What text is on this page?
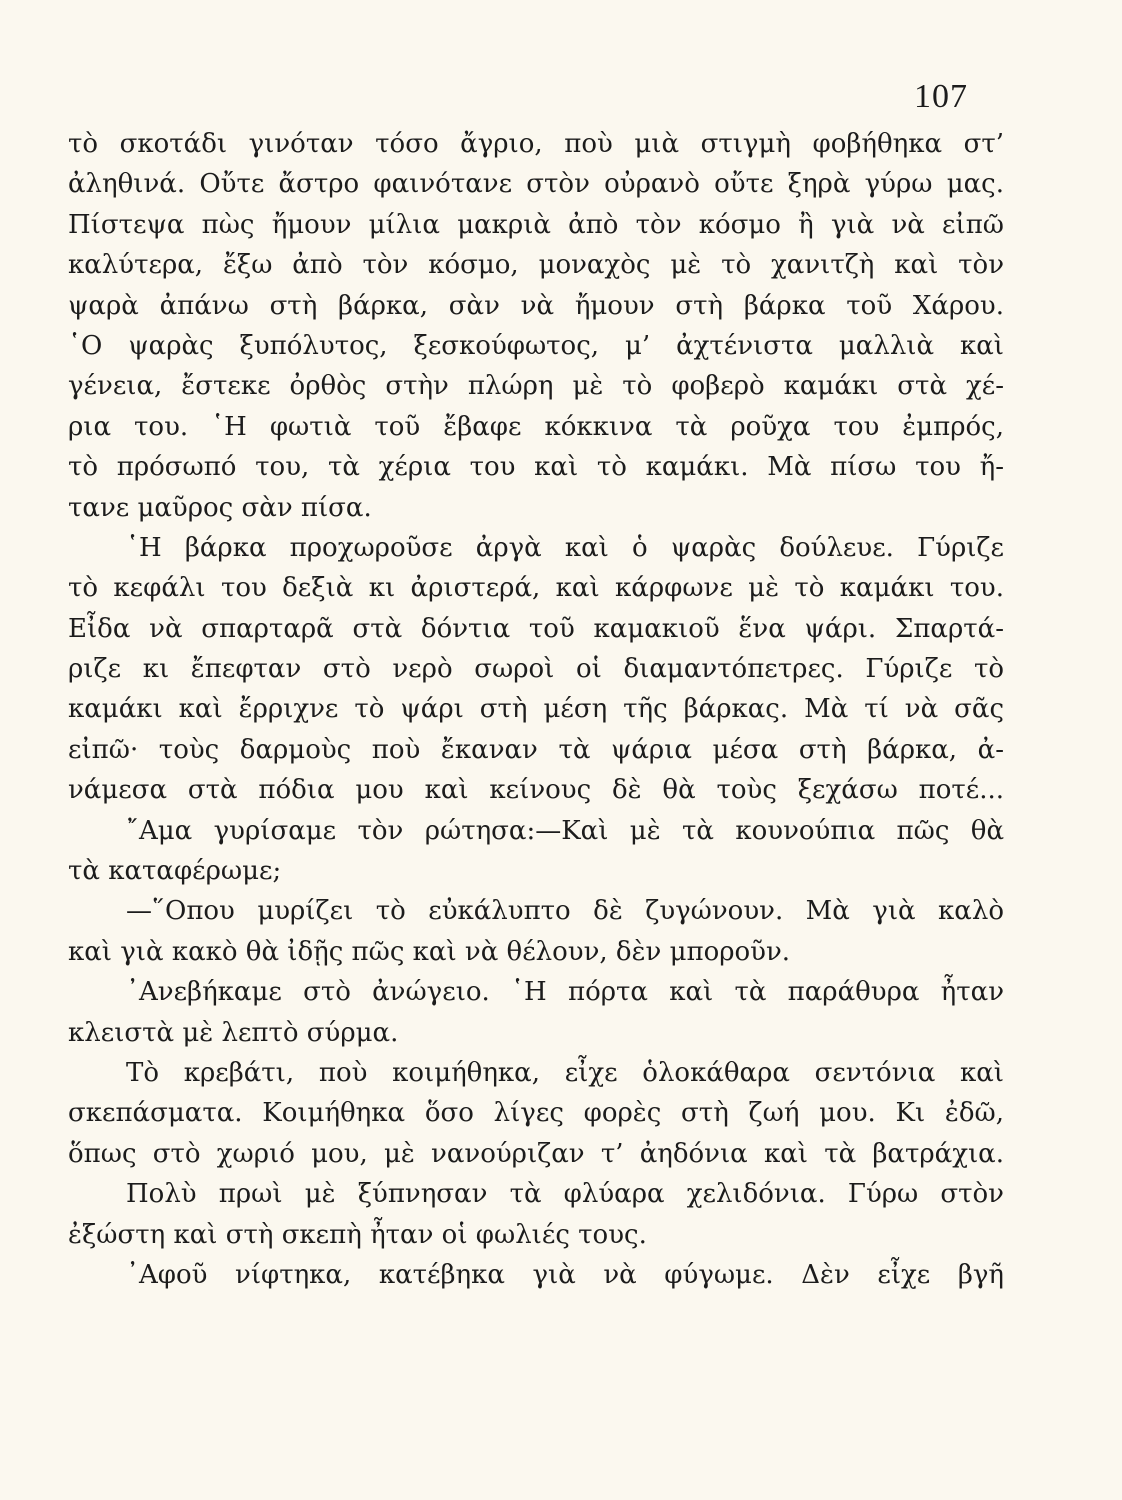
107
τὸ σκοτάδι γινόταν τόσο ἄγριο, ποὺ μιὰ στιγμὴ φοβήθηκα στ’
ἀληθινά. Οὔτε ἄστρο φαινότανε στὸν οὐρανὸ οὔτε ξηρὰ γύρω μας.
Πίστεψα πὼς ἤμουν μίλια μακριὰ ἀπὸ τὸν κόσμο ἢ γιὰ νὰ εἰπῶ
καλύτερα, ἔξω ἀπὸ τὸν κόσμο, μοναχὸς μὲ τὸ χανιτζὴ καὶ τὸν
ψαρὰ ἀπάνω στὴ βάρκα, σὰν νὰ ἤμουν στὴ βάρκα τοῦ Χάρου.
῾Ο ψαρὰς ξυπόλυτος, ξεσκούφωτος, μ’ ἀχτένιστα μαλλιὰ καὶ
γένεια, ἔστεκε ὀρθὸς στὴν πλώρη μὲ τὸ φοβερὸ καμάκι στὰ χέ-
ρια του. ῾Η φωτιὰ τοῦ ἔβαφε κόκκινα τὰ ροῦχα του ἐμπρός,
τὸ πρόσωπό του, τὰ χέρια του καὶ τὸ καμάκι. Μὰ πίσω του ἤ-
τανε μαῦρος σὰν πίσα.
῾Η βάρκα προχωροῦσε ἀργὰ καὶ ὁ ψαρὰς δούλευε. Γύριζε
τὸ κεφάλι του δεξιὰ κι ἀριστερά, καὶ κάρφωνε μὲ τὸ καμάκι του.
Εἶδα νὰ σπαρταρᾶ στὰ δόντια τοῦ καμακιοῦ ἕνα ψάρι. Σπαρτά-
ριζε κι ἔπεφταν στὸ νερὸ σωροὶ οἱ διαμαντόπετρες. Γύριζε τὸ
καμάκι καὶ ἔρριχνε τὸ ψάρι στὴ μέση τῆς βάρκας. Μὰ τί νὰ σᾶς
εἰπῶ· τοὺς δαρμοὺς ποὺ ἔκαναν τὰ ψάρια μέσα στὴ βάρκα, ἀ-
νάμεσα στὰ πόδια μου καὶ κείνους δὲ θὰ τοὺς ξεχάσω ποτέ...
῎Αμα γυρίσαμε τὸν ρώτησα:—Καὶ μὲ τὰ κουνούπια πῶς θὰ
τὰ καταφέρωμε;
—῞Οπου μυρίζει τὸ εὐκάλυπτο δὲ ζυγώνουν. Μὰ γιὰ καλὸ
καὶ γιὰ κακὸ θὰ ἰδῇς πῶς καὶ νὰ θέλουν, δὲν μποροῦν.
᾿Ανεβήκαμε στὸ ἀνώγειο. ῾Η πόρτα καὶ τὰ παράθυρα ἦταν
κλειστὰ μὲ λεπτὸ σύρμα.
Τὸ κρεβάτι, ποὺ κοιμήθηκα, εἶχε ὁλοκάθαρα σεντόνια καὶ
σκεπάσματα. Κοιμήθηκα ὅσο λίγες φορὲς στὴ ζωή μου. Κι ἐδῶ,
ὅπως στὸ χωριό μου, μὲ νανούριζαν τ’ ἀηδόνια καὶ τὰ βατράχια.
Πολὺ πρωὶ μὲ ξύπνησαν τὰ φλύαρα χελιδόνια. Γύρω στὸν
ἐξώστη καὶ στὴ σκεπὴ ἦταν οἱ φωλιές τους.
᾿Αφοῦ νίφτηκα, κατέβηκα γιὰ νὰ φύγωμε. Δὲν εἶχε βγῆ
